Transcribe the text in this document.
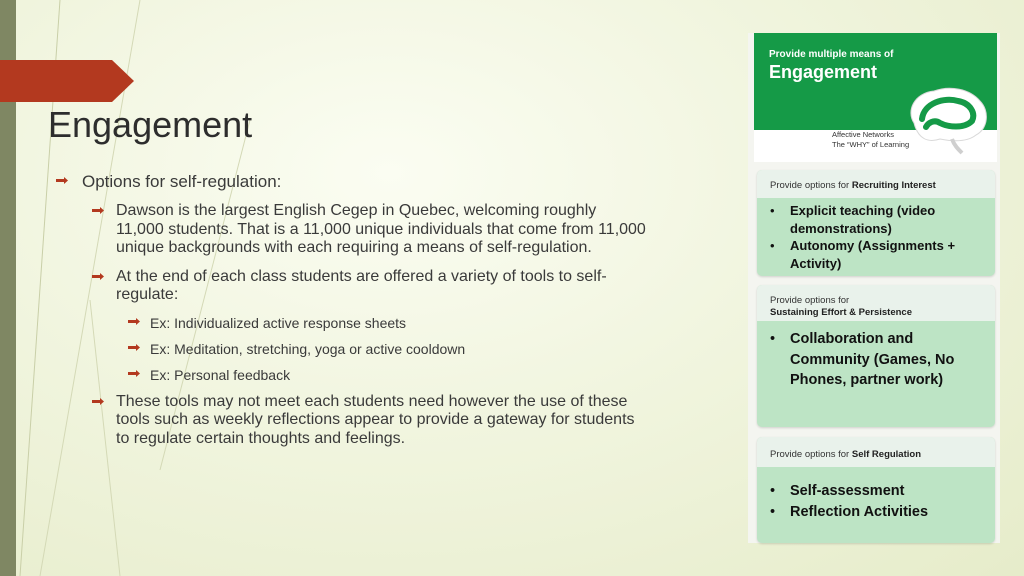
Engagement
Options for self-regulation:
Dawson is the largest English Cegep in Quebec, welcoming roughly 11,000 students. That is a 11,000 unique individuals that come from 11,000 unique backgrounds with each requiring a means of self-regulation.
At the end of each class students are offered a variety of tools to self-regulate:
Ex: Individualized active response sheets
Ex: Meditation, stretching, yoga or active cooldown
Ex: Personal feedback
These tools may not meet each students need however the use of these tools such as weekly reflections appear to provide a gateway for students to regulate certain thoughts and feelings.
Provide multiple means of
Engagement
Affective Networks
The “WHY” of Learning
Provide options for Recruiting Interest
• Explicit teaching (video demonstrations)
• Autonomy (Assignments + Activity)
Provide options for
Sustaining Effort & Persistence
• Collaboration and Community (Games, No Phones, partner work)
Provide options for Self Regulation
• Self-assessment
• Reflection Activities
